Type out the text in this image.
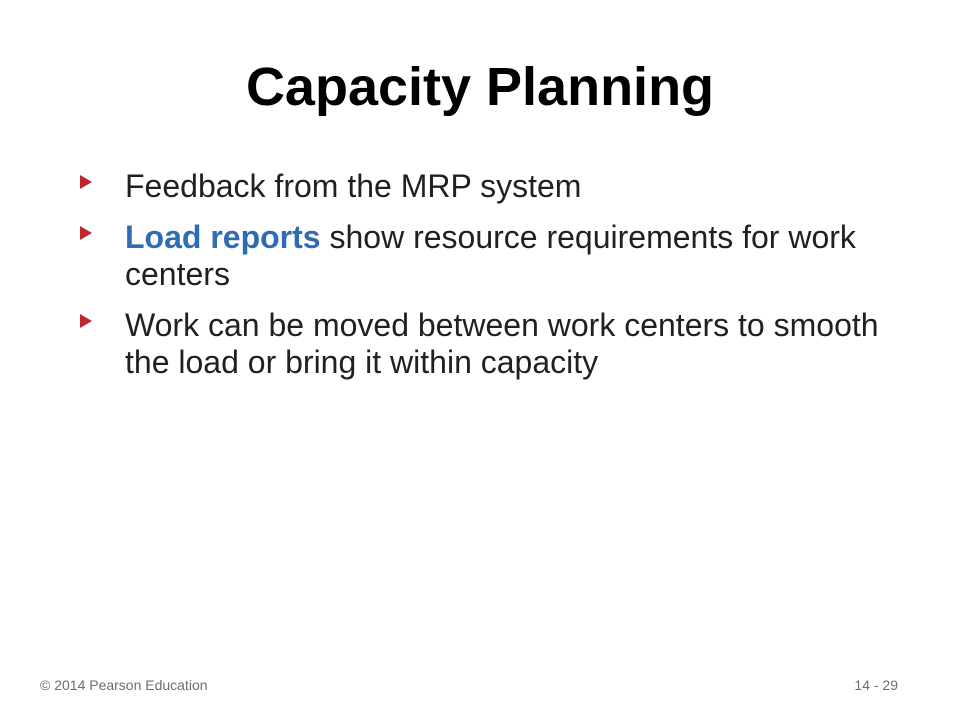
Capacity Planning
Feedback from the MRP system
Load reports show resource requirements for work centers
Work can be moved between work centers to smooth the load or bring it within capacity
© 2014 Pearson Education	14 - 29
